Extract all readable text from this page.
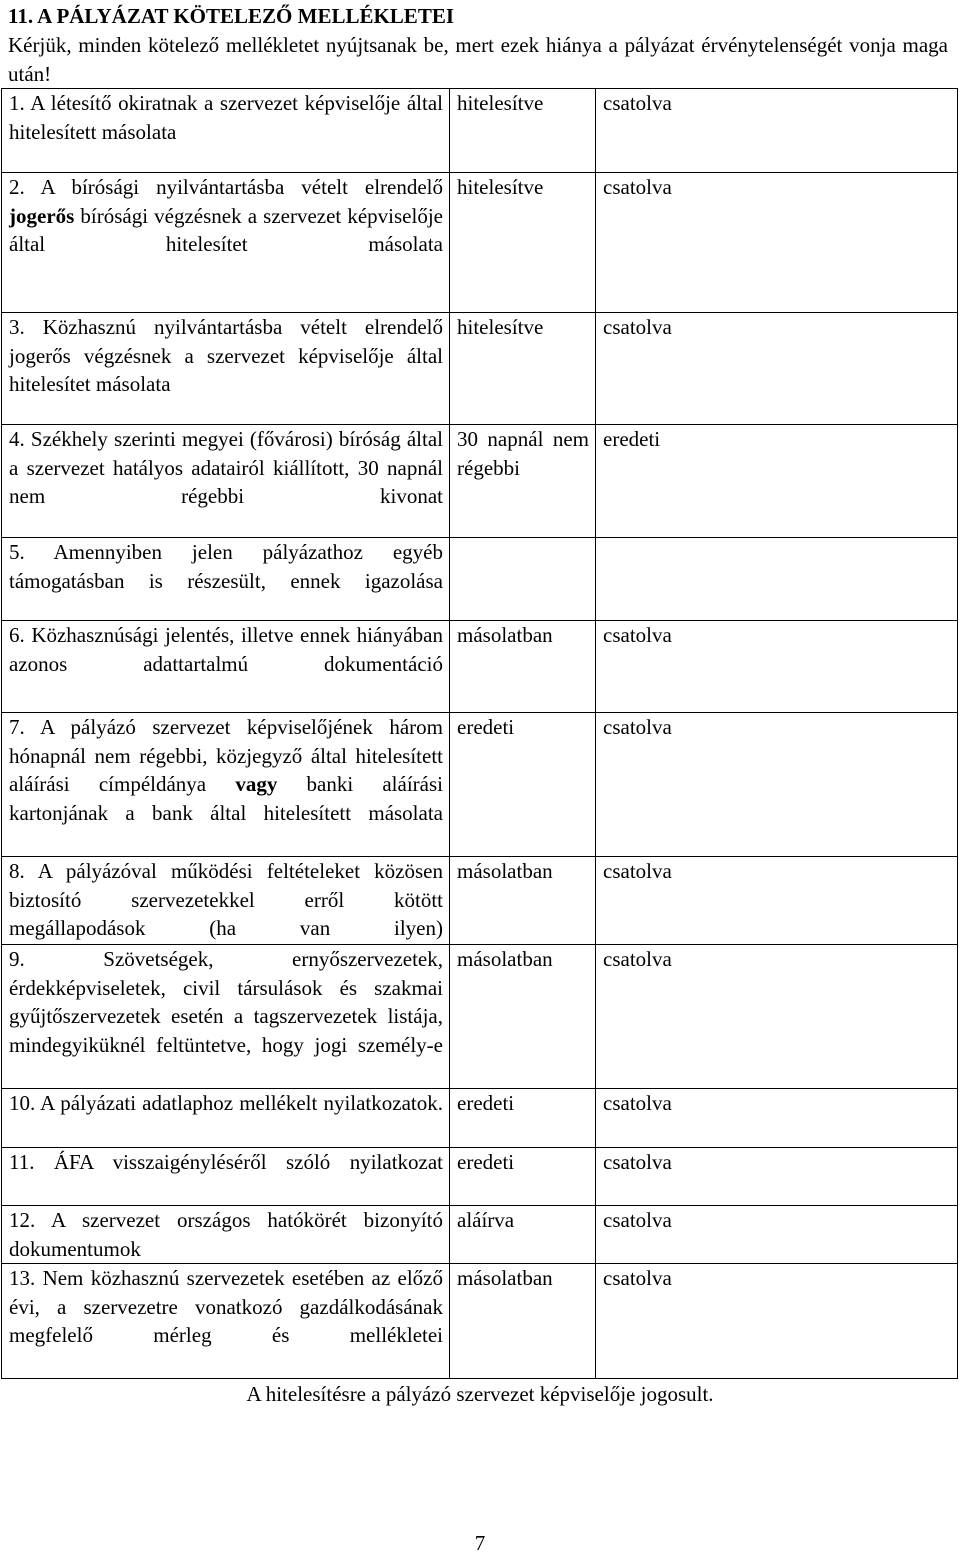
11. A PÁLYÁZAT KÖTELEZŐ MELLÉKLETEI

Kérjük, minden kötelező mellékletet nyújtsanak be, mert ezek hiánya a pályázat érvénytelenségét vonja maga után!

1. A létesítő okiratnak a szervezet képviselője által hitelesített másolata	hitelesítve	csatolva

2. A bírósági nyilvántartásba vételt elrendelő jogerős bírósági végzésnek a szervezet képviselője által hitelesítet másolata	hitelesítve	csatolva

3. Közhasznú nyilvántartásba vételt elrendelő jogerős végzésnek a szervezet képviselője által hitelesítet másolata	hitelesítve	csatolva

4. Székhely szerinti megyei (fővárosi) bíróság által a szervezet hatályos adatairól kiállított, 30 napnál nem régebbi kivonat	30 napnál nem régebbi	eredeti

5. Amennyiben jelen pályázathoz egyéb támogatásban is részesült, ennek igazolása		

6. Közhasznúsági jelentés, illetve ennek hiányában azonos adattartalmú dokumentáció	másolatban	csatolva

7. A pályázó szervezet képviselőjének három hónapnál nem régebbi, közjegyző által hitelesített aláírási címpéldánya vagy banki aláírási kartonjának a bank által hitelesített másolata	eredeti	csatolva

8. A pályázóval működési feltételeket közösen biztosító szervezetekkel erről kötött megállapodások (ha van ilyen)	másolatban	csatolva

9. Szövetségek, ernyőszervezetek, érdekképviseletek, civil társulások és szakmai gyűjtőszervezetek esetén a tagszervezetek listája, mindegyiküknél feltüntetve, hogy jogi személy-e	másolatban	csatolva

10. A pályázati adatlaphoz mellékelt nyilatkozatok.	eredeti	csatolva

11. ÁFA visszaigényléséről szóló nyilatkozat	eredeti	csatolva

12. A szervezet országos hatókörét bizonyító dokumentumok	aláírva	csatolva

13. Nem közhasznú szervezetek esetében az előző évi, a szervezetre vonatkozó gazdálkodásának megfelelő mérleg és mellékletei	másolatban	csatolva

A hitelesítésre a pályázó szervezet képviselője jogosult.

7
